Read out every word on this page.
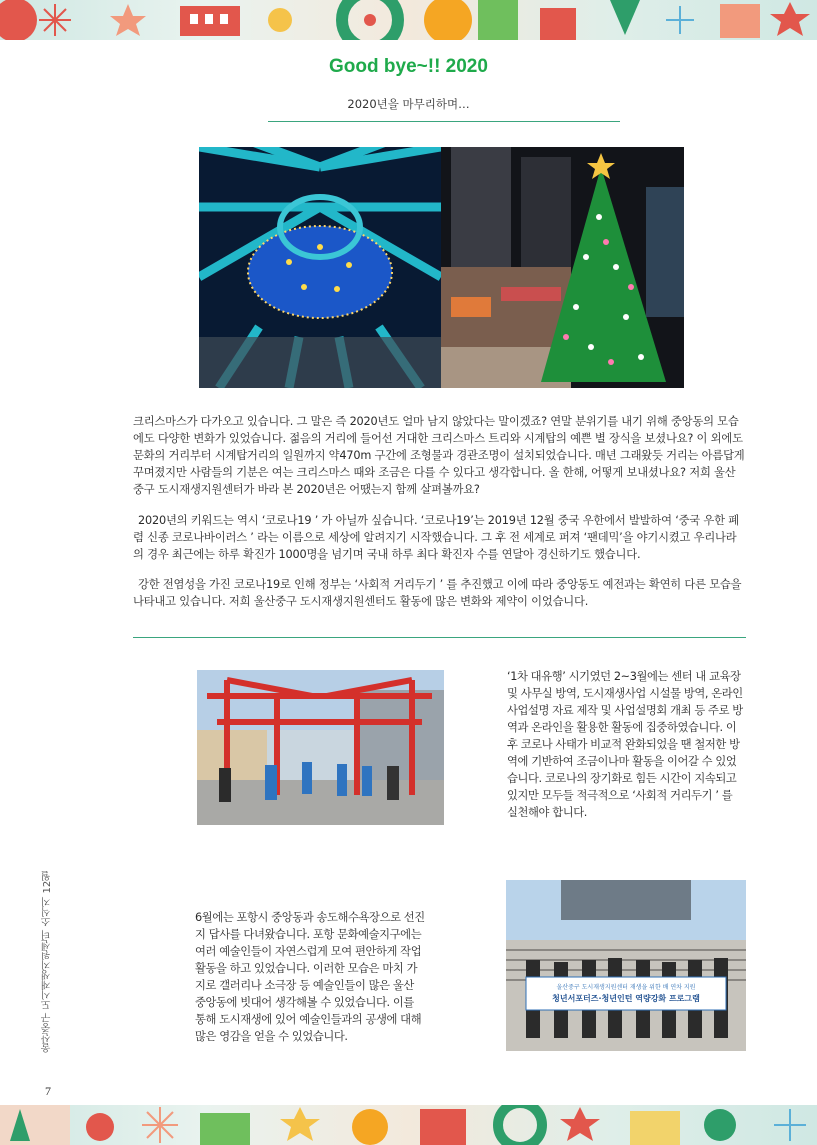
Good bye~!! 2020
2020년을 마무리하며…

크리스마스가 다가오고 있습니다. 그 말은 즉 2020년도 얼마 남지 않았다는 말이겠죠? 연말 분위기를 내기 위해 중앙동의 모습에도 다양한 변화가 있었습니다. 젊음의 거리에 들어선 거대한 크리스마스 트리와 시계탑의 예쁜 별 장식을 보셨나요? 이 외에도 문화의 거리부터 시계탑거리의 일원까지 약470m 구간에 조형물과 경관조명이 설치되었습니다. 매년 그래왔듯 거리는 아름답게 꾸며졌지만 사람들의 기분은 여는 크리스마스 때와 조금은 다를 수 있다고 생각합니다. 올 한해, 어떻게 보내셨나요? 저희 울산중구 도시재생지원센터가 바라 본 2020년은 어땠는지 함께 살펴볼까요?

2020년의 키워드는 역시 ‘코로나19 ’ 가 아닐까 싶습니다. ‘코로나19’는 2019년 12월 중국 우한에서 발발하여 ‘중국 우한 폐렴 신종 코로나바이러스 ’ 라는 이름으로 세상에 알려지기 시작했습니다. 그 후 전 세계로 퍼져 ‘팬데믹’을 야기시켰고 우리나라의 경우 최근에는 하루 확진가 1000명을 넘기며 국내 하루 최다 확진자 수를 연달아 경신하기도 했습니다.

강한 전염성을 가진 코로나19로 인해 정부는 ‘사회적 거리두기 ’ 를 추진했고 이에 따라 중앙동도 예전과는 확연히 다른 모습을 나타내고 있습니다. 저희 울산중구 도시재생지원센터도 활동에 많은 변화와 제약이 이었습니다.

‘1차 대유행’ 시기였던 2~3월에는 센터 내 교육장 및 사무실 방역, 도시재생사업 시설물 방역, 온라인 사업설명 자료 제작 및 사업설명회 개최 등 주로 방역과 온라인을 활용한 활동에 집중하였습니다. 이후 코로나 사태가 비교적 완화되었을 땐 철저한 방역에 기반하여 조금이나마 활동을 이어갈 수 있었습니다. 코로나의 장기화로 힘든 시간이 지속되고 있지만 모두들 적극적으로 ‘사회적 거리두기 ’ 를 실천해야 합니다.

6월에는 포항시 중앙동과 송도해수욕장으로 선진지 답사를 다녀왔습니다. 포항 문화예술지구에는 여러 예술인들이 자연스럽게 모여 편안하게 작업활동을 하고 있었습니다. 이러한 모습은 마치 가지로 갤러리나 소극장 등 예술인들이 많은 울산 중앙동에 빗대어 생각해볼 수 있었습니다. 이를 통해 도시재생에 있어 예술인들과의 공생에 대해 많은 영감을 얻을 수 있었습니다.

울산중구 도시재생지원센터 재생을 위한 배 연차 지원
청년서포터즈·청년인턴 역량강화 프로그램
울산중구 도시재생지원센터 소식지 12월
7
